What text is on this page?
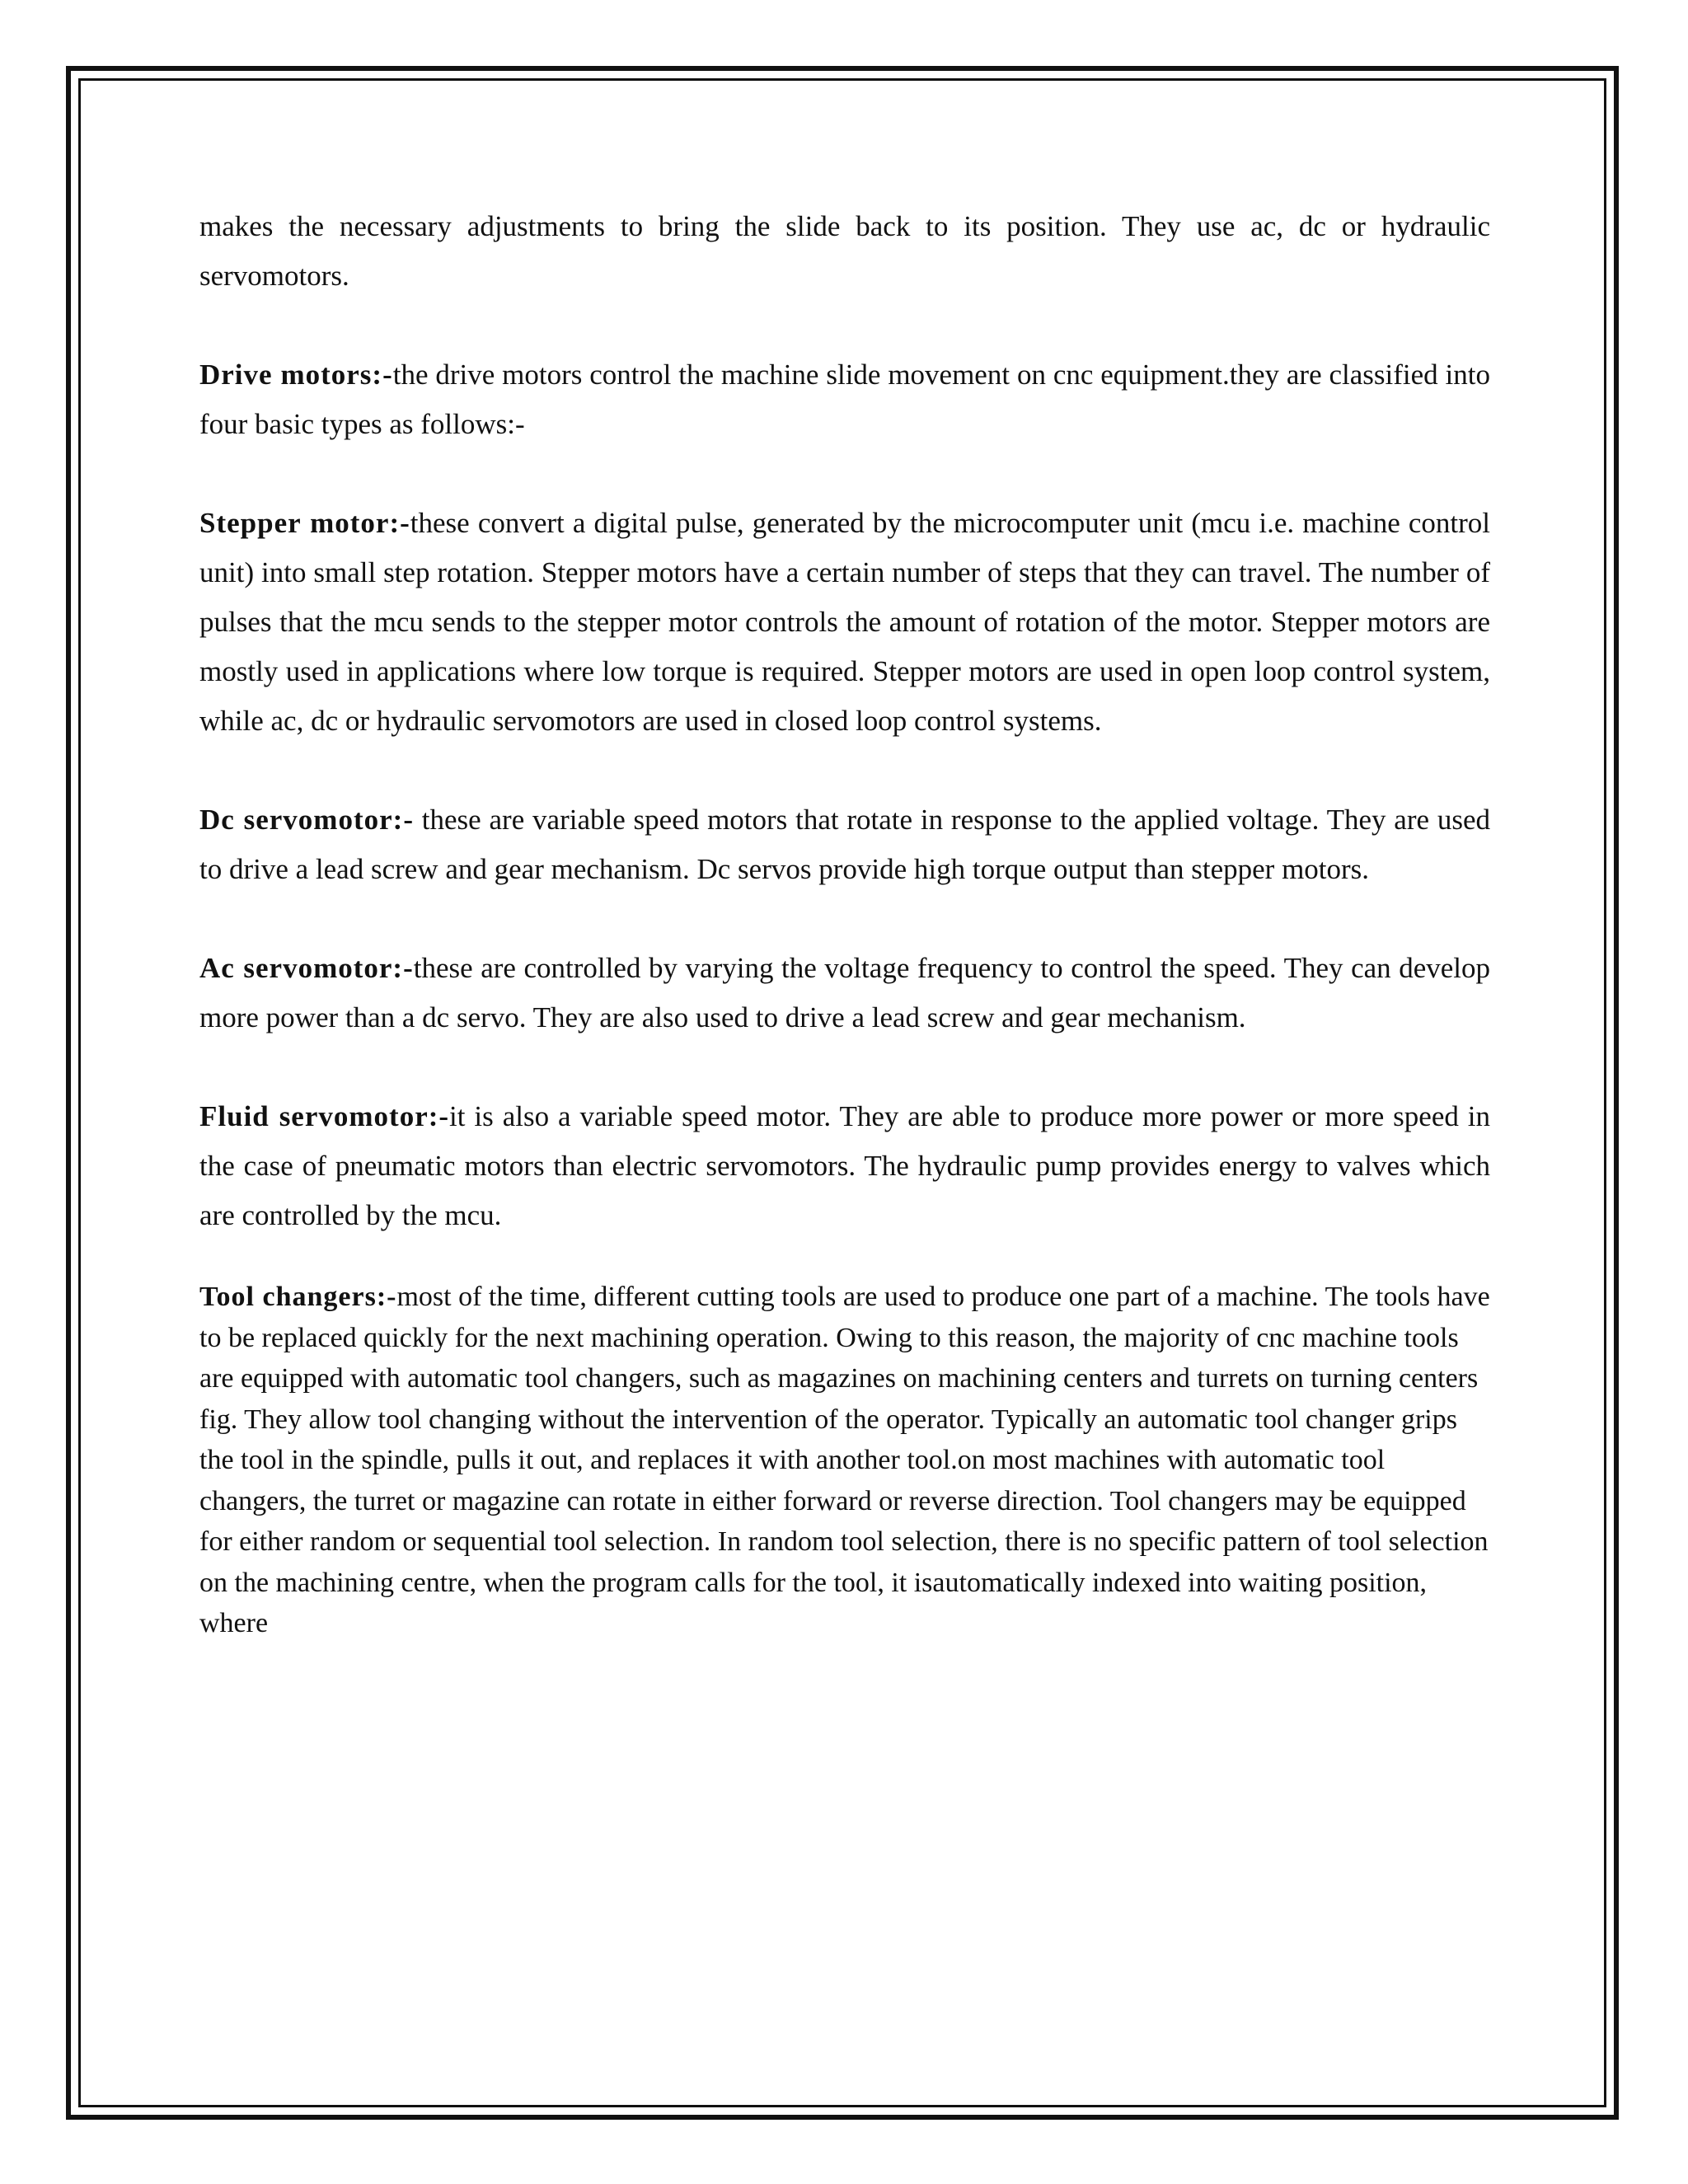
makes the necessary adjustments to bring the slide back to its position. They use ac, dc or hydraulic servomotors.

Drive motors:-the drive motors control the machine slide movement on cnc equipment.they are classified into four basic types as follows:-

Stepper motor:-these convert a digital pulse, generated by the microcomputer unit (mcu i.e. machine control unit) into small step rotation. Stepper motors have a certain number of steps that they can travel. The number of pulses that the mcu sends to the stepper motor controls the amount of rotation of the motor. Stepper motors are mostly used in applications where low torque is required. Stepper motors are used in open loop control system, while ac, dc or hydraulic servomotors are used in closed loop control systems.

Dc servomotor:- these are variable speed motors that rotate in response to the applied voltage. They are used to drive a lead screw and gear mechanism. Dc servos provide high torque output than stepper motors.

Ac servomotor:-these are controlled by varying the voltage frequency to control the speed. They can develop more power than a dc servo. They are also used to drive a lead screw and gear mechanism.

Fluid servomotor:-it is also a variable speed motor. They are able to produce more power or more speed in the case of pneumatic motors than electric servomotors. The hydraulic pump provides energy to valves which are controlled by the mcu.

Tool changers:-most of the time, different cutting tools are used to produce one part of a machine. The tools have to be replaced quickly for the next machining operation. Owing to this reason, the majority of cnc machine tools are equipped with automatic tool changers, such as magazines on machining centers and turrets on turning centers fig. They allow tool changing without the intervention of the operator. Typically an automatic tool changer grips the tool in the spindle, pulls it out, and replaces it with another tool.on most machines with automatic tool changers, the turret or magazine can rotate in either forward or reverse direction. Tool changers may be equipped for either random or sequential tool selection. In random tool selection, there is no specific pattern of tool selection on the machining centre, when the program calls for the tool, it isautomatically indexed into waiting position, where
